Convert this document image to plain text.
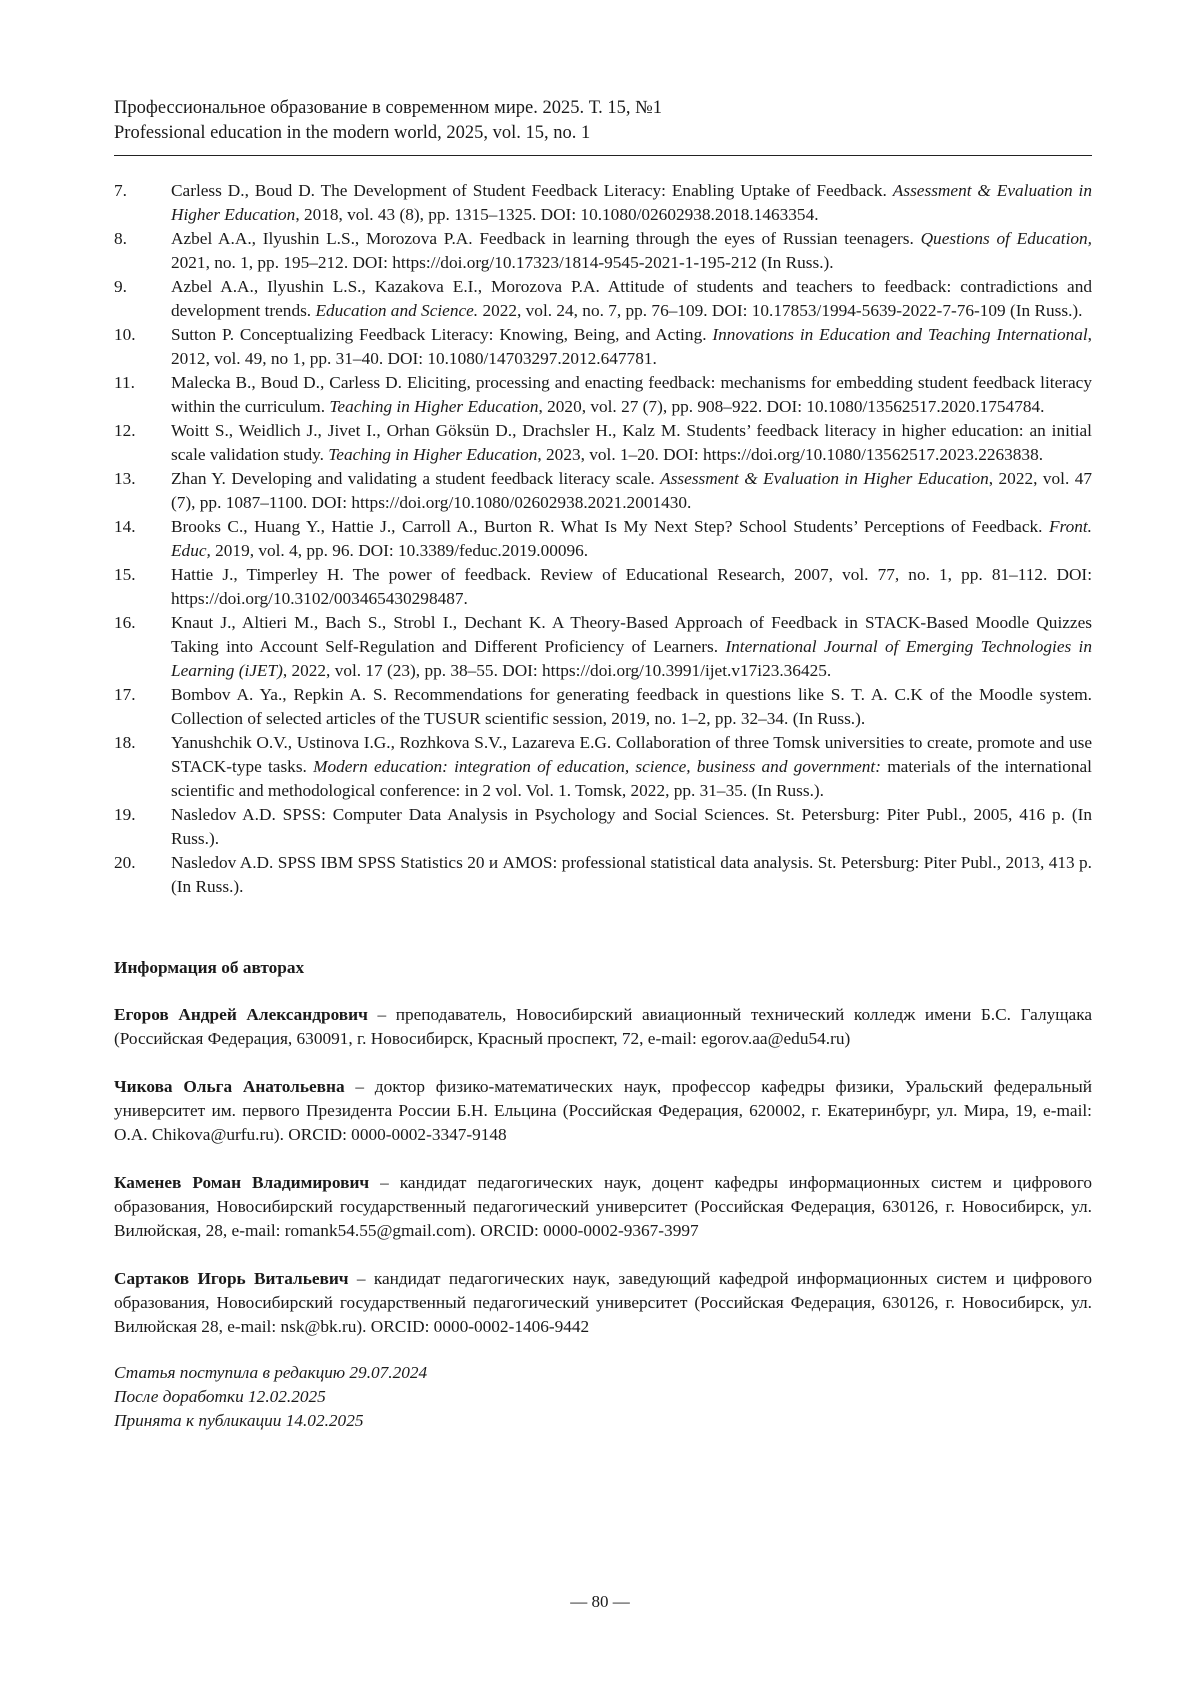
Профессиональное образование в современном мире. 2025. Т. 15, №1
Professional education in the modern world, 2025, vol. 15, no. 1
7.	Carless D., Boud D. The Development of Student Feedback Literacy: Enabling Uptake of Feedback. Assessment & Evaluation in Higher Education, 2018, vol. 43 (8), pp. 1315–1325. DOI: 10.1080/02602938.2018.1463354.
8.	Azbel A.A., Ilyushin L.S., Morozova P.A. Feedback in learning through the eyes of Russian teenagers. Questions of Education, 2021, no. 1, pp. 195–212. DOI: https://doi.org/10.17323/1814-9545-2021-1-195-212 (In Russ.).
9.	Azbel A.A., Ilyushin L.S., Kazakova E.I., Morozova P.A. Attitude of students and teachers to feedback: contradictions and development trends. Education and Science. 2022, vol. 24, no. 7, pp. 76–109. DOI: 10.17853/1994-5639-2022-7-76-109 (In Russ.).
10. Sutton P. Conceptualizing Feedback Literacy: Knowing, Being, and Acting. Innovations in Education and Teaching International, 2012, vol. 49, no 1, pp. 31–40. DOI: 10.1080/14703297.2012.647781.
11. Malecka B., Boud D., Carless D. Eliciting, processing and enacting feedback: mechanisms for embedding student feedback literacy within the curriculum. Teaching in Higher Education, 2020, vol. 27 (7), pp. 908–922. DOI: 10.1080/13562517.2020.1754784.
12. Woitt S., Weidlich J., Jivet I., Orhan Göksün D., Drachsler H., Kalz M. Students’ feedback literacy in higher education: an initial scale validation study. Teaching in Higher Education, 2023, vol. 1–20. DOI: https://doi.org/10.1080/13562517.2023.2263838.
13. Zhan Y. Developing and validating a student feedback literacy scale. Assessment & Evaluation in Higher Education, 2022, vol. 47 (7), pp. 1087–1100. DOI: https://doi.org/10.1080/02602938.2021.2001430.
14. Brooks C., Huang Y., Hattie J., Carroll A., Burton R. What Is My Next Step? School Students’ Perceptions of Feedback. Front. Educ, 2019, vol. 4, pp. 96. DOI: 10.3389/feduc.2019.00096.
15. Hattie J., Timperley H. The power of feedback. Review of Educational Research, 2007, vol. 77, no. 1, pp. 81–112. DOI: https://doi.org/10.3102/003465430298487.
16. Knaut J., Altieri M., Bach S., Strobl I., Dechant K. A Theory-Based Approach of Feedback in STACK-Based Moodle Quizzes Taking into Account Self-Regulation and Different Proficiency of Learners. International Journal of Emerging Technologies in Learning (iJET), 2022, vol. 17 (23), pp. 38–55. DOI: https://doi.org/10.3991/ijet.v17i23.36425.
17. Bombov A. Ya., Repkin A. S. Recommendations for generating feedback in questions like S. T. A. C.K of the Moodle system. Collection of selected articles of the TUSUR scientific session, 2019, no. 1–2, pp. 32–34. (In Russ.).
18. Yanushchik O.V., Ustinova I.G., Rozhkova S.V., Lazareva E.G. Collaboration of three Tomsk universities to create, promote and use STACK-type tasks. Modern education: integration of education, science, business and government: materials of the international scientific and methodological conference: in 2 vol. Vol. 1. Tomsk, 2022, pp. 31–35. (In Russ.).
19. Nasledov A.D. SPSS: Computer Data Analysis in Psychology and Social Sciences. St. Petersburg: Piter Publ., 2005, 416 p. (In Russ.).
20. Nasledov A.D. SPSS IBM SPSS Statistics 20 и AMOS: professional statistical data analysis. St. Petersburg: Piter Publ., 2013, 413 p. (In Russ.).
Информация об авторах
Егоров Андрей Александрович – преподаватель, Новосибирский авиационный технический колледж имени Б.С. Галущака (Российская Федерация, 630091, г. Новосибирск, Красный проспект, 72, e-mail: egorov.aa@edu54.ru)
Чикова Ольга Анатольевна – доктор физико-математических наук, профессор кафедры физики, Уральский федеральный университет им. первого Президента России Б.Н. Ельцина (Российская Федерация, 620002, г. Екатеринбург, ул. Мира, 19, e-mail: O.A. Chikova@urfu.ru). ORCID: 0000-0002-3347-9148
Каменев Роман Владимирович – кандидат педагогических наук, доцент кафедры информационных систем и цифрового образования, Новосибирский государственный педагогический университет (Российская Федерация, 630126, г. Новосибирск, ул. Вилюйская, 28, e-mail: romank54.55@gmail.com). ORCID: 0000-0002-9367-3997
Сартаков Игорь Витальевич – кандидат педагогических наук, заведующий кафедрой информационных систем и цифрового образования, Новосибирский государственный педагогический университет (Российская Федерация, 630126, г. Новосибирск, ул. Вилюйская 28, e-mail: nsk@bk.ru). ORCID: 0000-0002-1406-9442
Статья поступила в редакцию 29.07.2024
После доработки 12.02.2025
Принята к публикации 14.02.2025
— 80 —
